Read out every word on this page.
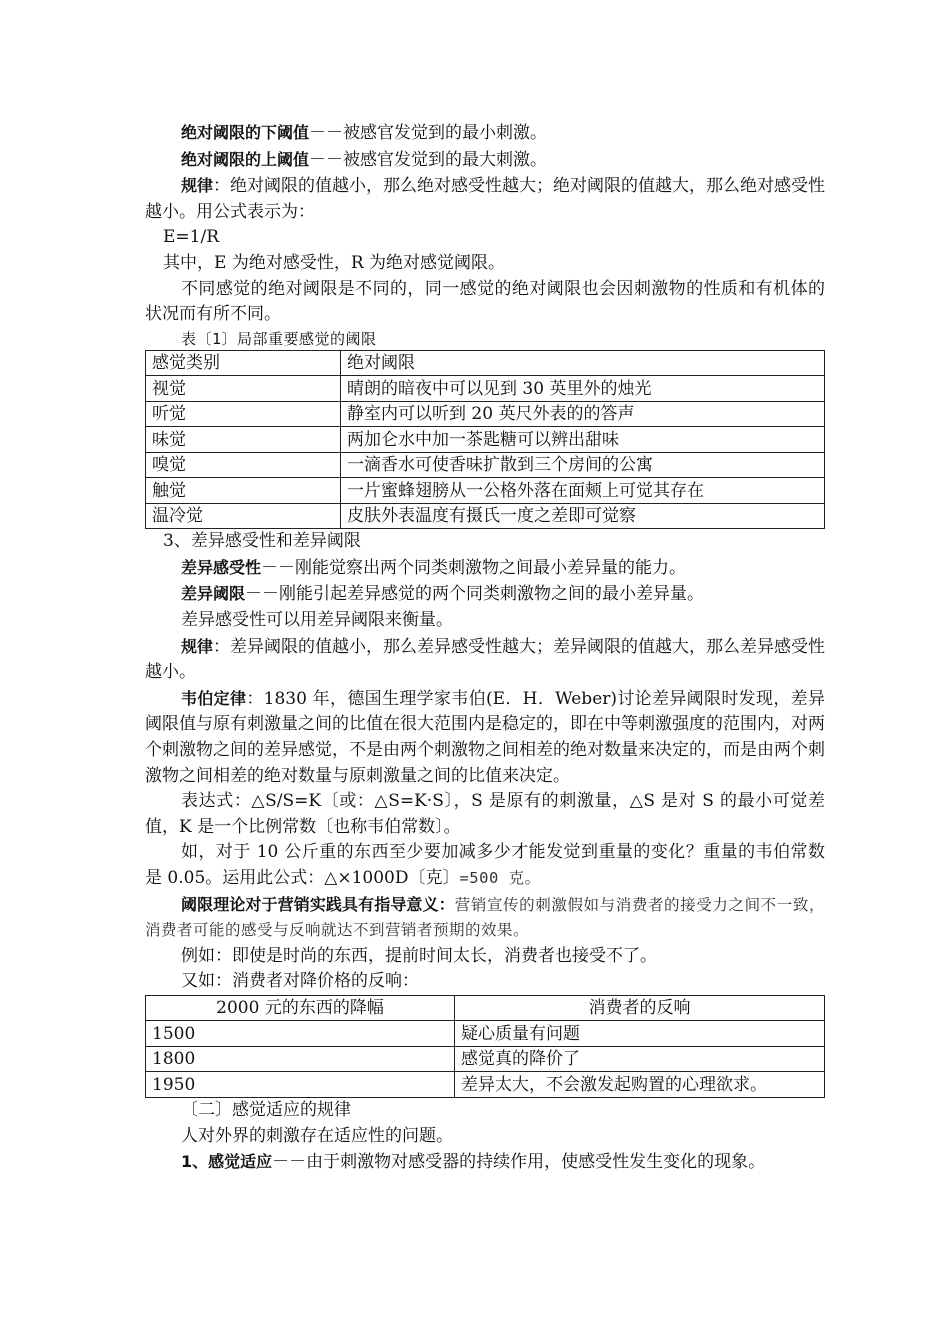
绝对阈限的下阈值－－被感官发觉到的最小刺激。

绝对阈限的上阈值－－被感官发觉到的最大刺激。

规律：绝对阈限的值越小，那么绝对感受性越大；绝对阈限的值越大，那么绝对感受性越小。用公式表示为：

E=1/R

其中，E 为绝对感受性，R 为绝对感觉阈限。

不同感觉的绝对阈限是不同的，同一感觉的绝对阈限也会因刺激物的性质和有机体的状况而有所不同。

表〔1〕局部重要感觉的阈限

感觉类别	绝对阈限
视觉	晴朗的暗夜中可以见到 30 英里外的烛光
听觉	静室内可以听到 20 英尺外表的的答声
味觉	两加仑水中加一茶匙糖可以辨出甜味
嗅觉	一滴香水可使香味扩散到三个房间的公寓
触觉	一片蜜蜂翅膀从一公格外落在面颊上可觉其存在
温冷觉	皮肤外表温度有摄氏一度之差即可觉察

3、差异感受性和差异阈限

差异感受性－－刚能觉察出两个同类刺激物之间最小差异量的能力。

差异阈限－－刚能引起差异感觉的两个同类刺激物之间的最小差异量。

差异感受性可以用差异阈限来衡量。

规律：差异阈限的值越小，那么差异感受性越大；差异阈限的值越大，那么差异感受性越小。

韦伯定律：1830 年，德国生理学家韦伯(E．H．Weber)讨论差异阈限时发现，差异阈限值与原有刺激量之间的比值在很大范围内是稳定的，即在中等刺激强度的范围内，对两个刺激物之间的差异感觉，不是由两个刺激物之间相差的绝对数量来决定的，而是由两个刺激物之间相差的绝对数量与原刺激量之间的比值来决定。

表达式：△S/S=K〔或：△S=K·S〕，S 是原有的刺激量，△S 是对 S 的最小可觉差值，K 是一个比例常数〔也称韦伯常数〕。

如，对于 10 公斤重的东西至少要加减多少才能发觉到重量的变化？重量的韦伯常数是 0.05。运用此公式：△×1000D〔克〕=500 克。

阈限理论对于营销实践具有指导意义：营销宣传的刺激假如与消费者的接受力之间不一致，消费者可能的感受与反响就达不到营销者预期的效果。

例如：即使是时尚的东西，提前时间太长，消费者也接受不了。

又如：消费者对降价格的反响：

2000 元的东西的降幅	消费者的反响
1500	疑心质量有问题
1800	感觉真的降价了
1950	差异太大，不会激发起购置的心理欲求。

〔二〕感觉适应的规律

人对外界的刺激存在适应性的问题。

1、感觉适应－－由于刺激物对感受器的持续作用，使感受性发生变化的现象。
